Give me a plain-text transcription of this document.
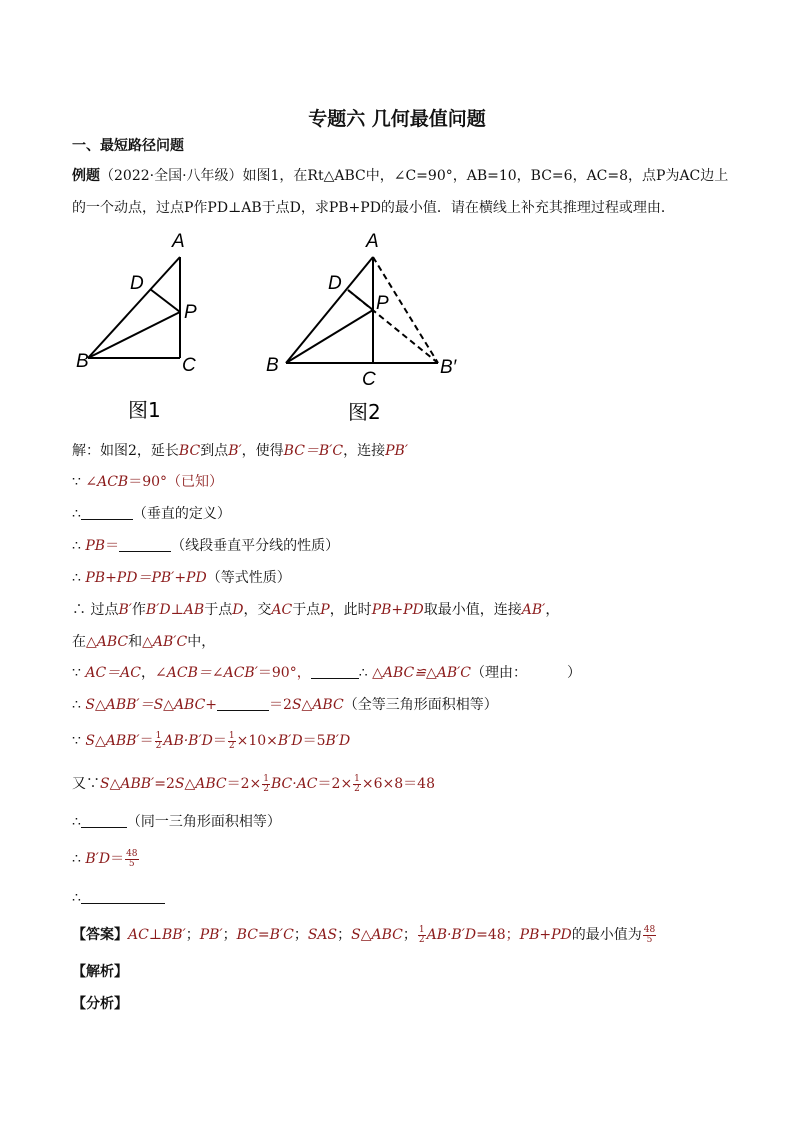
专题六 几何最值问题
一、最短路径问题
例题（2022·全国·八年级）如图1，在Rt△ABC中，∠C=90°，AB=10，BC=6，AC=8，点P为AC边上
的一个动点，过点P作PD⊥AB于点D，求PB+PD的最小值．请在横线上补充其推理过程或理由．
A
D
P
B	C
图1
A
D
P
B
C
B′
图2
解：如图2，延长BC到点B′，使得BC＝B′C，连接PB′
∵ ∠ACB＝90°（已知）
∴	（垂直的定义）
∴ PB＝	（线段垂直平分线的性质）
∴ PB+PD＝PB′+PD（等式性质）
∴ 过点B′作B′D⊥AB于点D，交AC于点P，此时PB+PD取最小值，连接AB′，
在△ABC和△AB′C中，
∵ AC＝AC，∠ACB＝∠ACB′＝90°，	∴ △ABC≌△AB′C（理由：	）
∴ S△ABB′＝S△ABC+	＝2S△ABC（全等三角形面积相等）
∵ S△ABB′＝ $\frac{1}{2} AB\cdot B'D= \frac{1}{2} \times 10\times B'D=5B'D$
又∵S△ABB′=2S△ABC＝2× $\frac{1}{2} BC\cdot AC=2\times \frac{1}{2} \times 6\times 8=48$
∴	（同一三角形面积相等）
∴ $B'D= \frac{48}{5}$
∴
【答案】AC⊥BB′；PB′；BC=B′C；SAS；S△ABC； $\frac{1}{2} AB\cdot B'D=48$；PB+PD的最小值为 $\frac{48}{5}$
【解析】
【分析】
